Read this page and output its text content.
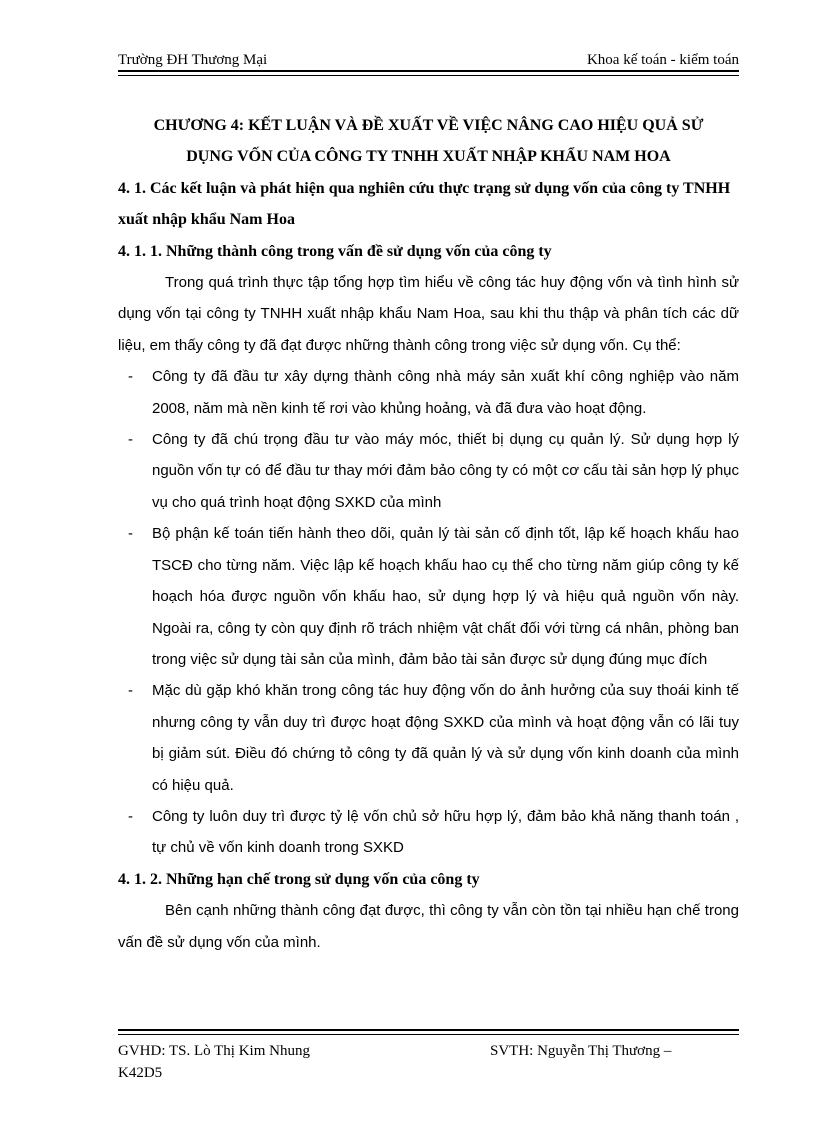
Trường ĐH Thương Mại	Khoa kế toán - kiểm toán

CHƯƠNG 4: KẾT LUẬN VÀ ĐỀ XUẤT VỀ VIỆC NÂNG CAO HIỆU QUẢ SỬ
DỤNG VỐN CỦA CÔNG TY TNHH XUẤT NHẬP KHẨU NAM HOA

4. 1. Các kết luận và phát hiện qua nghiên cứu thực trạng sử dụng vốn của công ty TNHH xuất nhập khẩu Nam Hoa

4. 1. 1. Những thành công trong vấn đề sử dụng vốn của công ty

Trong quá trình thực tập tổng hợp tìm hiểu về công tác huy động vốn và tình hình sử dụng vốn tại công ty TNHH xuất nhập khẩu Nam Hoa, sau khi thu thập và phân tích các dữ liệu, em thấy công ty đã đạt được những thành công trong việc sử dụng vốn. Cụ thể:

- Công ty đã đầu tư xây dựng thành công nhà máy sản xuất khí công nghiệp vào năm 2008, năm mà nền kinh tế rơi vào khủng hoảng, và đã đưa vào hoạt động.
- Công ty đã chú trọng đầu tư vào máy móc, thiết bị dụng cụ quản lý. Sử dụng hợp lý nguồn vốn tự có để đầu tư thay mới đảm bảo công ty có một cơ cấu tài sản hợp lý phục vụ cho quá trình hoạt động SXKD của mình
- Bộ phận kế toán tiến hành theo dõi, quản lý tài sản cố định tốt, lập kế hoạch khấu hao TSCĐ cho từng năm. Việc lập kế hoạch khấu hao cụ thể cho từng năm giúp công ty kế hoạch hóa được nguồn vốn khấu hao, sử dụng hợp lý và hiệu quả nguồn vốn này. Ngoài ra, công ty còn quy định rõ trách nhiệm vật chất đối với từng cá nhân, phòng ban trong việc sử dụng tài sản của mình, đảm bảo tài sản được sử dụng đúng mục đích
- Mặc dù gặp khó khăn trong công tác huy động vốn do ảnh hưởng của suy thoái kinh tế nhưng công ty vẫn duy trì được hoạt động SXKD của mình và hoạt động vẫn có lãi tuy bị giảm sút. Điều đó chứng tỏ công ty đã quản lý và sử dụng vốn kinh doanh của mình có hiệu quả.
- Công ty luôn duy trì được tỷ lệ vốn chủ sở hữu hợp lý, đảm bảo khả năng thanh toán , tự chủ về vốn kinh doanh trong SXKD

4. 1. 2. Những hạn chế trong sử dụng vốn của công ty

Bên cạnh những thành công đạt được, thì công ty vẫn còn tồn tại nhiều hạn chế trong vấn đề sử dụng vốn của mình.

GVHD: TS. Lò Thị Kim Nhung	SVTH: Nguyễn Thị Thương –
K42D5
